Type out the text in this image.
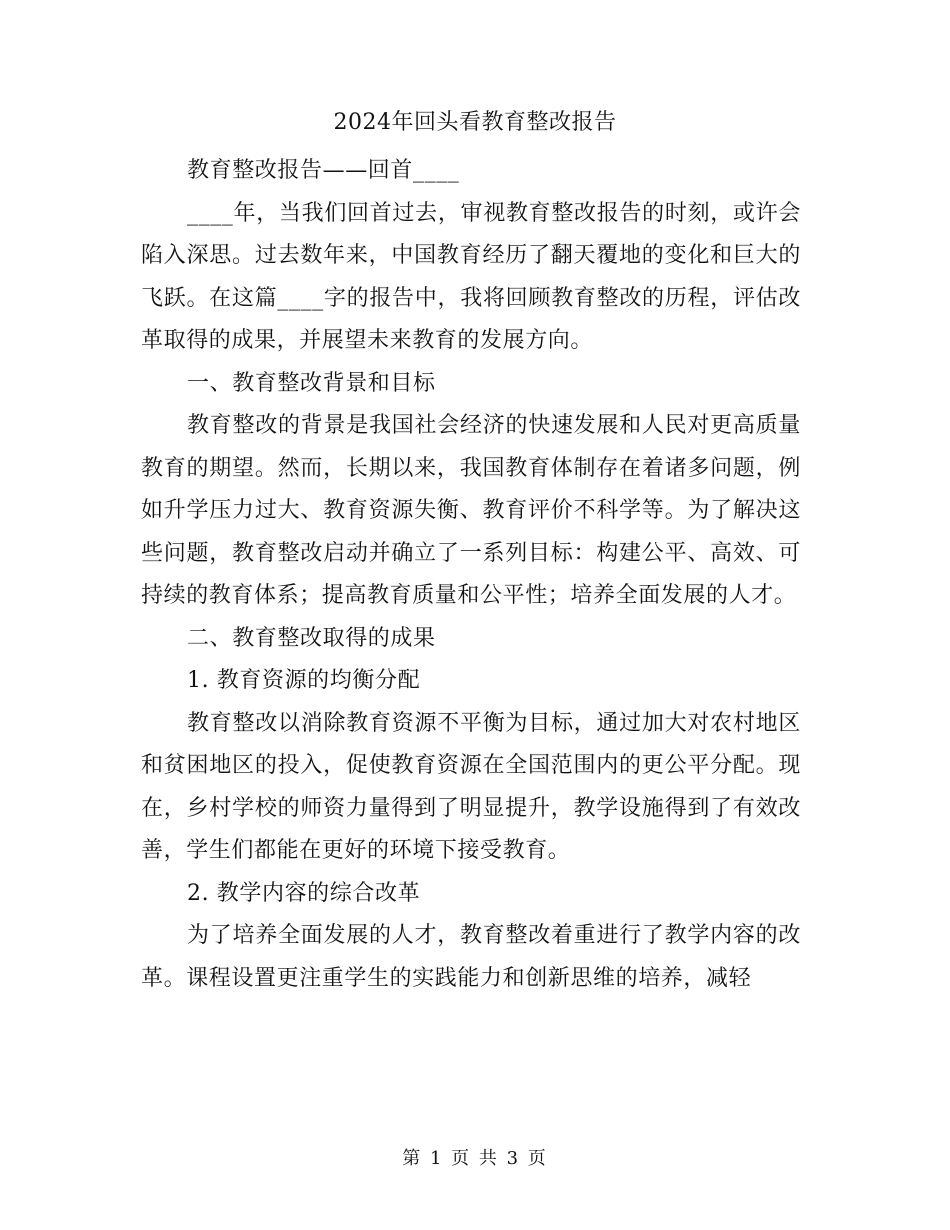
2024年回头看教育整改报告

教育整改报告——回首____

____年，当我们回首过去，审视教育整改报告的时刻，或许会陷入深思。过去数年来，中国教育经历了翻天覆地的变化和巨大的飞跃。在这篇____字的报告中，我将回顾教育整改的历程，评估改革取得的成果，并展望未来教育的发展方向。

一、教育整改背景和目标

教育整改的背景是我国社会经济的快速发展和人民对更高质量教育的期望。然而，长期以来，我国教育体制存在着诸多问题，例如升学压力过大、教育资源失衡、教育评价不科学等。为了解决这些问题，教育整改启动并确立了一系列目标：构建公平、高效、可持续的教育体系；提高教育质量和公平性；培养全面发展的人才。

二、教育整改取得的成果

1. 教育资源的均衡分配

教育整改以消除教育资源不平衡为目标，通过加大对农村地区和贫困地区的投入，促使教育资源在全国范围内的更公平分配。现在，乡村学校的师资力量得到了明显提升，教学设施得到了有效改善，学生们都能在更好的环境下接受教育。

2. 教学内容的综合改革

为了培养全面发展的人才，教育整改着重进行了教学内容的改革。课程设置更注重学生的实践能力和创新思维的培养，减轻

第 1 页 共 3 页
